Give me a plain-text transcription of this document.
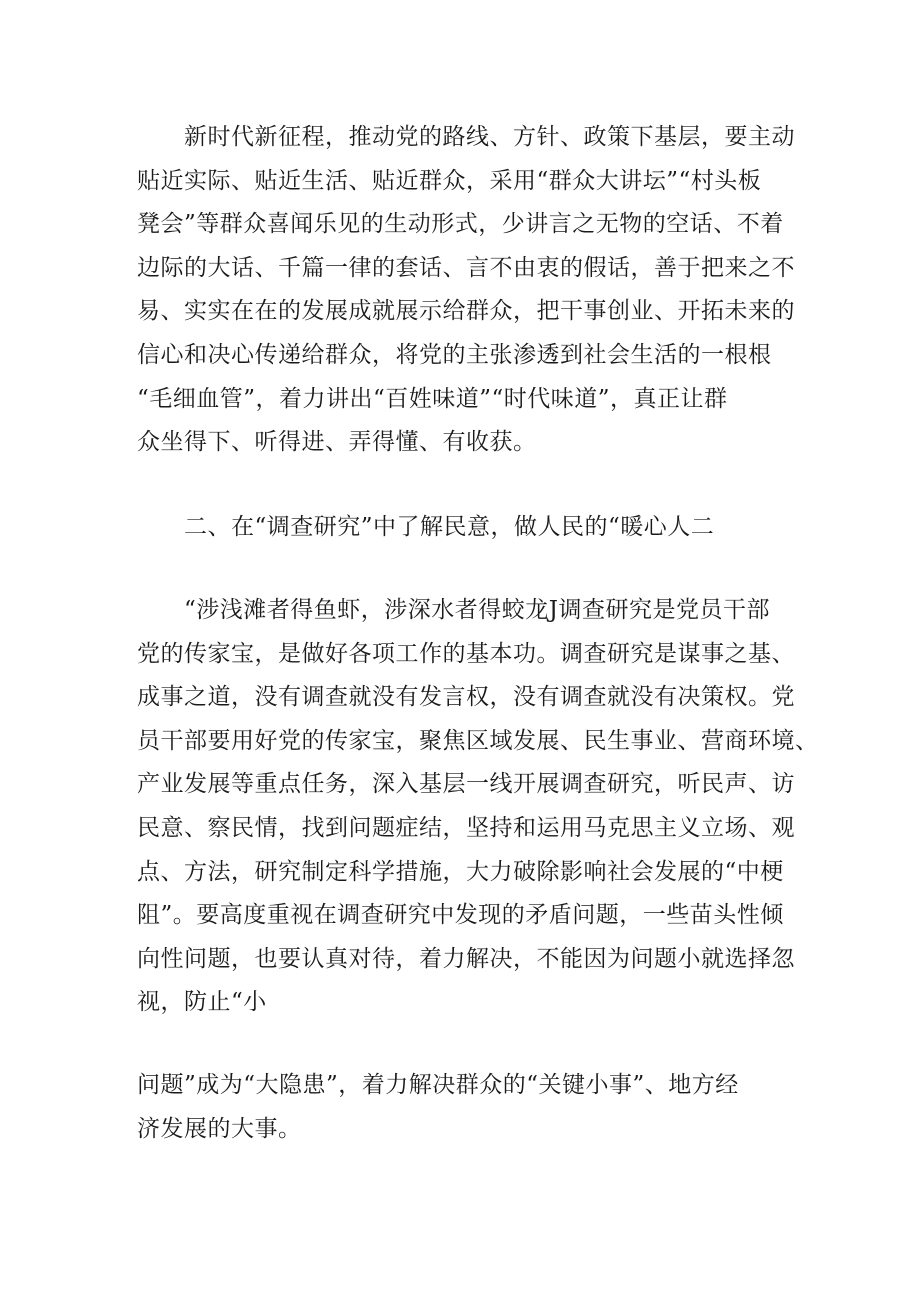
　　新时代新征程，推动党的路线、方针、政策下基层，要主动
贴近实际、贴近生活、贴近群众，采用“群众大讲坛”“村头板
凳会”等群众喜闻乐见的生动形式，少讲言之无物的空话、不着
边际的大话、千篇一律的套话、言不由衷的假话，善于把来之不
易、实实在在的发展成就展示给群众，把干事创业、开拓未来的
信心和决心传递给群众，将党的主张渗透到社会生活的一根根
“毛细血管”，着力讲出“百姓味道”“时代味道”，真正让群
众坐得下、听得进、弄得懂、有收获。
　　二、在“调查研究”中了解民意，做人民的“暖心人二
　　“涉浅滩者得鱼虾，涉深水者得蛟龙J调查研究是党员干部
党的传家宝，是做好各项工作的基本功。调查研究是谋事之基、
成事之道，没有调查就没有发言权，没有调查就没有决策权。党
员干部要用好党的传家宝，聚焦区域发展、民生事业、营商环境、
产业发展等重点任务，深入基层一线开展调查研究，听民声、访
民意、察民情，找到问题症结，坚持和运用马克思主义立场、观
点、方法，研究制定科学措施，大力破除影响社会发展的“中梗
阻”。要高度重视在调查研究中发现的矛盾问题，一些苗头性倾
向性问题，也要认真对待，着力解决，不能因为问题小就选择忽
视，防止“小
问题”成为“大隐患”，着力解决群众的“关键小事”、地方经
济发展的大事。
